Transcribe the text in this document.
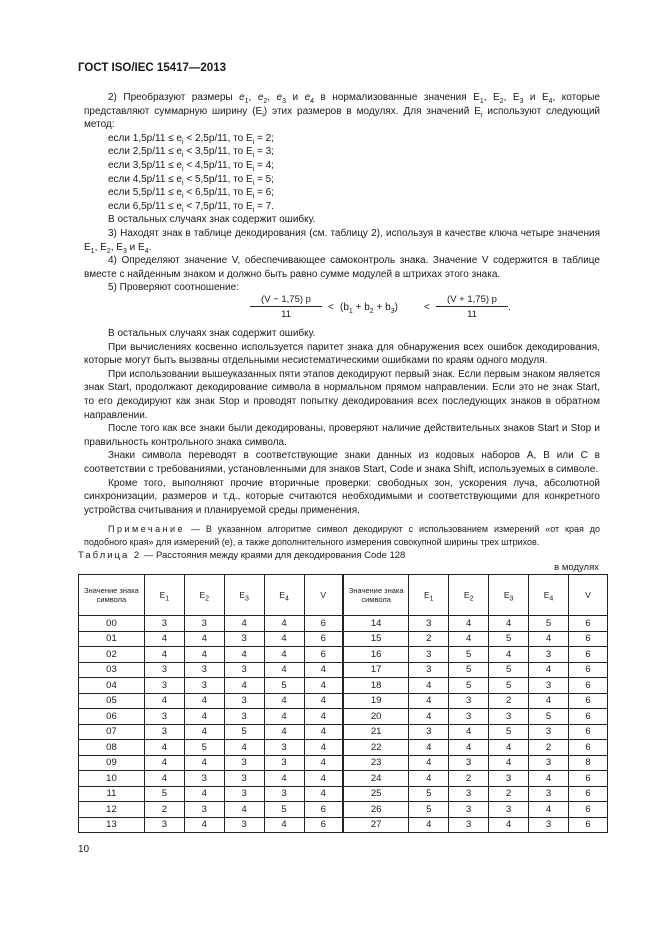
ГОСТ ISO/IEC 15417—2013

2) Преобразуют размеры $e_1$, $e_2$, $e_3$ и $e_4$ в нормализованные значения $E_1$, $E_2$, $E_3$ и $E_4$, которые представляют суммарную ширину $(E_i)$ этих размеров в модулях. Для значений $E_i$ используют следующий метод:

если $1,5p/11 \le e_i < 2,5p/11$, то $E_i = 2$;

если $2,5p/11 \le e_i < 3,5p/11$, то $E_i = 3$;

если $3,5p/11 \le e_i < 4,5p/11$, то $E_i = 4$;

если $4,5p/11 \le e_i < 5,5p/11$, то $E_i = 5$;

если $5,5p/11 \le e_i < 6,5p/11$, то $E_i = 6$;

если $6,5p/11 \le e_i < 7,5p/11$, то $E_i = 7$.

В остальных случаях знак содержит ошибку.

3) Находят знак в таблице декодирования (см. таблицу 2), используя в качестве ключа четыре значения $E_1$, $E_2$, $E_3$ и $E_4$.

4) Определяют значение V, обеспечивающее самоконтроль знака. Значение V содержится в таблице вместе с найденным знаком и должно быть равно сумме модулей в штрихах этого знака.

5) Проверяют соотношение:

$\frac{(V - 1,75) p}{11} < (b_1 + b_2 + b_3)$	< $\frac{(V + 1,75) p}{11}$ .

В остальных случаях знак содержит ошибку.

При вычислениях косвенно используется паритет знака для обнаружения всех ошибок декодирования, которые могут быть вызваны отдельными несистематическими ошибками по краям одного модуля.

При использовании вышеуказанных пяти этапов декодируют первый знак. Если первым знаком является знак Start, продолжают декодирование символа в нормальном прямом направлении. Если это не знак Start, то его декодируют как знак Stop и проводят попытку декодирования всех последующих знаков в обратном направлении.

После того как все знаки были декодированы, проверяют наличие действительных знаков Start и Stop и правильность контрольного знака символа.

Знаки символа переводят в соответствующие знаки данных из кодовых наборов A, B или C в соответствии с требованиями, установленными для знаков Start, Code и знака Shift, используемых в символе.

Кроме того, выполняют прочие вторичные проверки: свободных зон, ускорения луча, абсолютной синхронизации, размеров и т.д., которые считаются необходимыми и соответствующими для конкретного устройства считывания и планируемой среды применения.

Примечание — В указанном алгоритме символ декодируют с использованием измерений «от края до подобного края» для измерений (e), а также дополнительного измерения совокупной ширины трех штрихов.

Таблица 2 — Расстояния между краями для декодирования Code 128
в модулях
Значение знака символа	$E_1$	$E_2$	$E_3$	$E_4$	V	Значение знака символа	$E_1$	$E_2$	$E_3$	$E_4$	V
00	3	3	4	4	6	14	3	4	4	5	6
01	4	4	3	4	6	15	2	4	5	4	6
02	4	4	4	4	6	16	3	5	4	3	6
03	3	3	3	4	4	17	3	5	5	4	6
04	3	3	4	5	4	18	4	5	5	3	6
05	4	4	3	4	4	19	4	3	2	4	6
06	3	4	3	4	4	20	4	3	3	5	6
07	3	4	5	4	4	21	3	4	5	3	6
08	4	5	4	3	4	22	4	4	4	2	6
09	4	4	3	3	4	23	4	3	4	3	8
10	4	3	3	4	4	24	4	2	3	4	6
11	5	4	3	3	4	25	5	3	2	3	6
12	2	3	4	5	6	26	5	3	3	4	6
13	3	4	3	4	6	27	4	3	4	3	6
10
